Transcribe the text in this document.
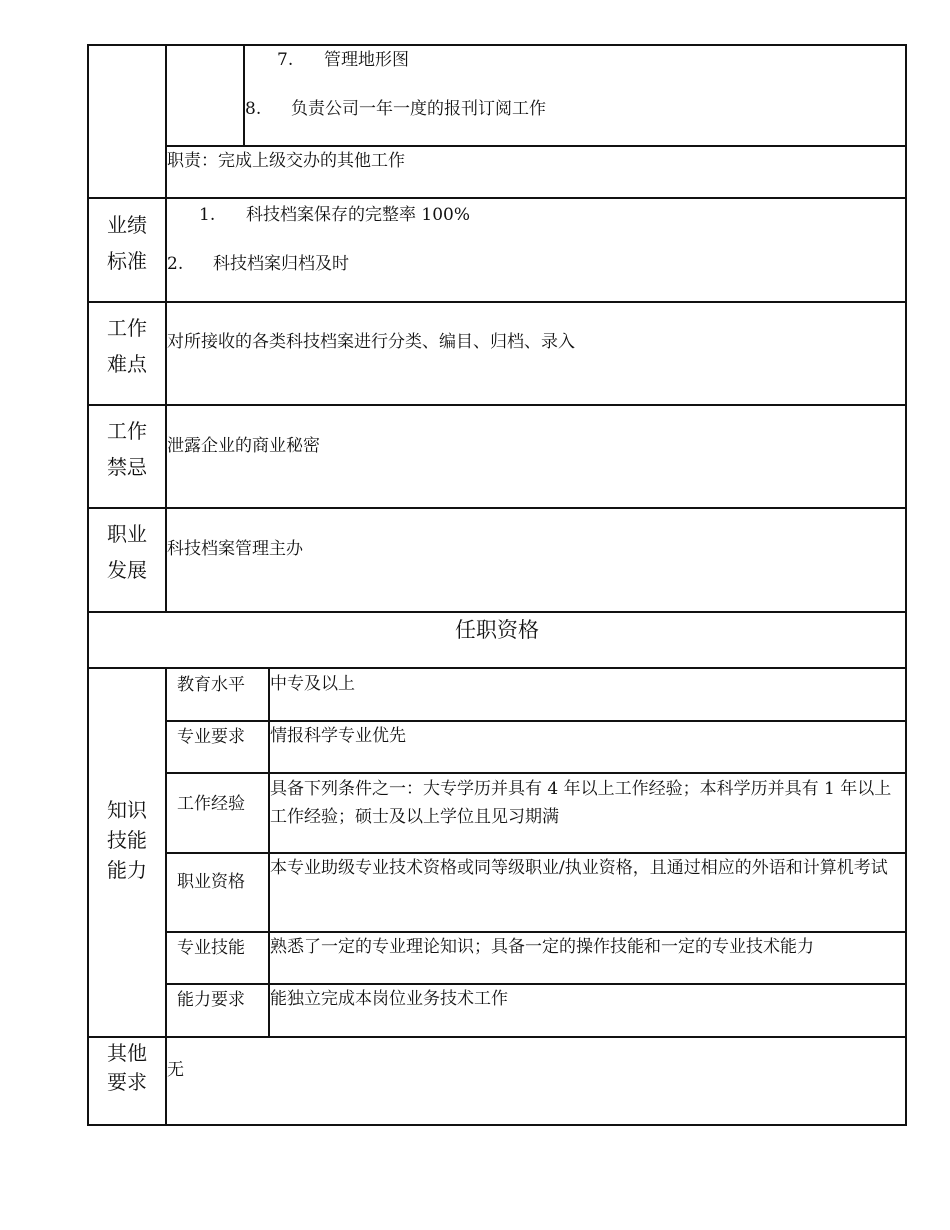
7. 管理地形图
8. 负责公司一年一度的报刊订阅工作
职责：完成上级交办的其他工作
业绩标准
1. 科技档案保存的完整率 100%
2. 科技档案归档及时
工作难点
对所接收的各类科技档案进行分类、编目、归档、录入
工作禁忌
泄露企业的商业秘密
职业发展
科技档案管理主办
任职资格
知识技能能力
教育水平 中专及以上
专业要求 情报科学专业优先
工作经验
具备下列条件之一：大专学历并具有 4 年以上工作经验；本科学历并具有 1 年以上工作经验；硕士及以上学位且见习期满
职业资格
本专业助级专业技术资格或同等级职业/执业资格，且通过相应的外语和计算机考试
专业技能 熟悉了一定的专业理论知识；具备一定的操作技能和一定的专业技术能力
能力要求 能独立完成本岗位业务技术工作
其他要求	无
